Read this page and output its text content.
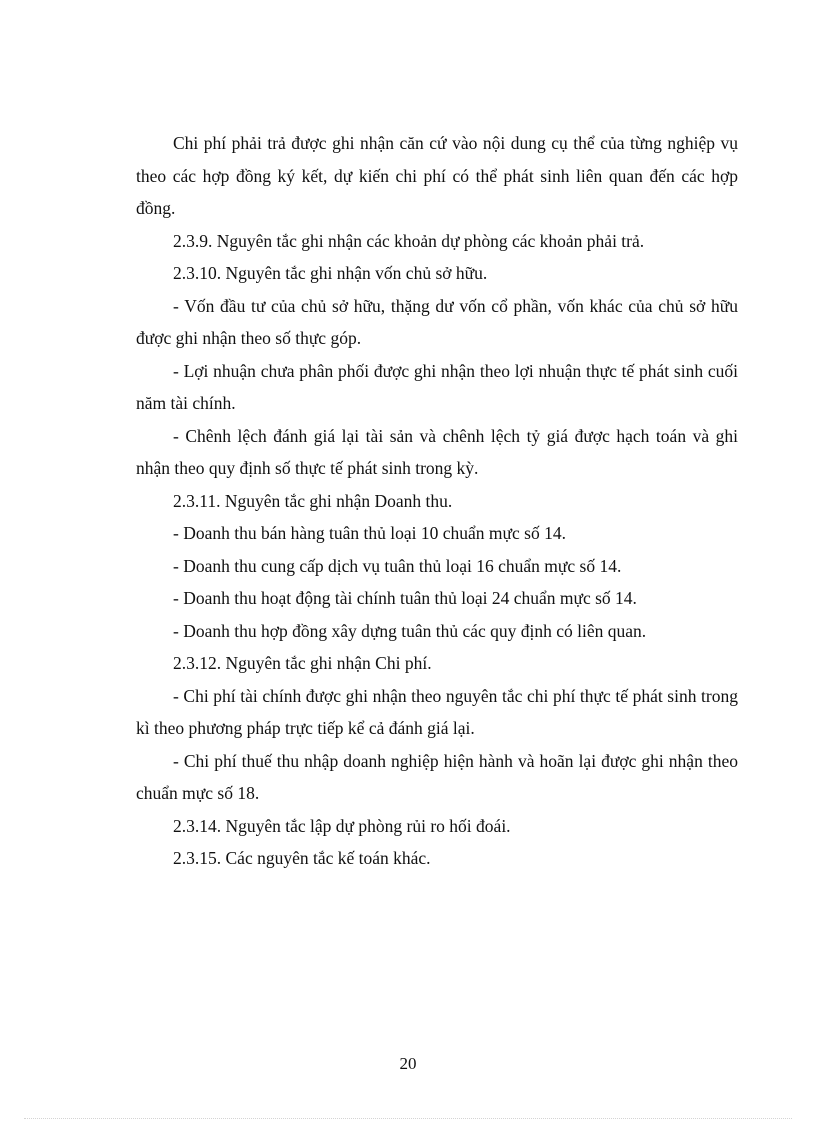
Chi phí phải trả được ghi nhận căn cứ vào nội dung cụ thể của từng nghiệp vụ theo các hợp đồng ký kết, dự kiến chi phí có thể phát sinh liên quan đến các hợp đồng.

2.3.9. Nguyên tắc ghi nhận các khoản dự phòng các khoản phải trả.

2.3.10. Nguyên tắc ghi nhận vốn chủ sở hữu.

- Vốn đầu tư của chủ sở hữu, thặng dư vốn cổ phần, vốn khác của chủ sở hữu được ghi nhận theo số thực góp.

- Lợi nhuận chưa phân phối được ghi nhận theo lợi nhuận thực tế phát sinh cuối năm tài chính.

- Chênh lệch đánh giá lại tài sản và chênh lệch tỷ giá được hạch toán và ghi nhận theo quy định số thực tế phát sinh trong kỳ.

2.3.11. Nguyên tắc ghi nhận Doanh thu.

- Doanh thu bán hàng tuân thủ loại 10 chuẩn mực số 14.

- Doanh thu cung cấp dịch vụ tuân thủ loại 16 chuẩn mực số 14.

- Doanh thu hoạt động tài chính tuân thủ loại 24 chuẩn mực số 14.

- Doanh thu hợp đồng xây dựng tuân thủ các quy định có liên quan.

2.3.12. Nguyên tắc ghi nhận Chi phí.

- Chi phí tài chính được ghi nhận theo nguyên tắc chi phí thực tế phát sinh trong kì theo phương pháp trực tiếp kể cả đánh giá lại.

- Chi phí thuế thu nhập doanh nghiệp hiện hành và hoãn lại được ghi nhận theo chuẩn mực số 18.

2.3.14. Nguyên tắc lập dự phòng rủi ro hối đoái.

2.3.15. Các nguyên tắc kế toán khác.

20
